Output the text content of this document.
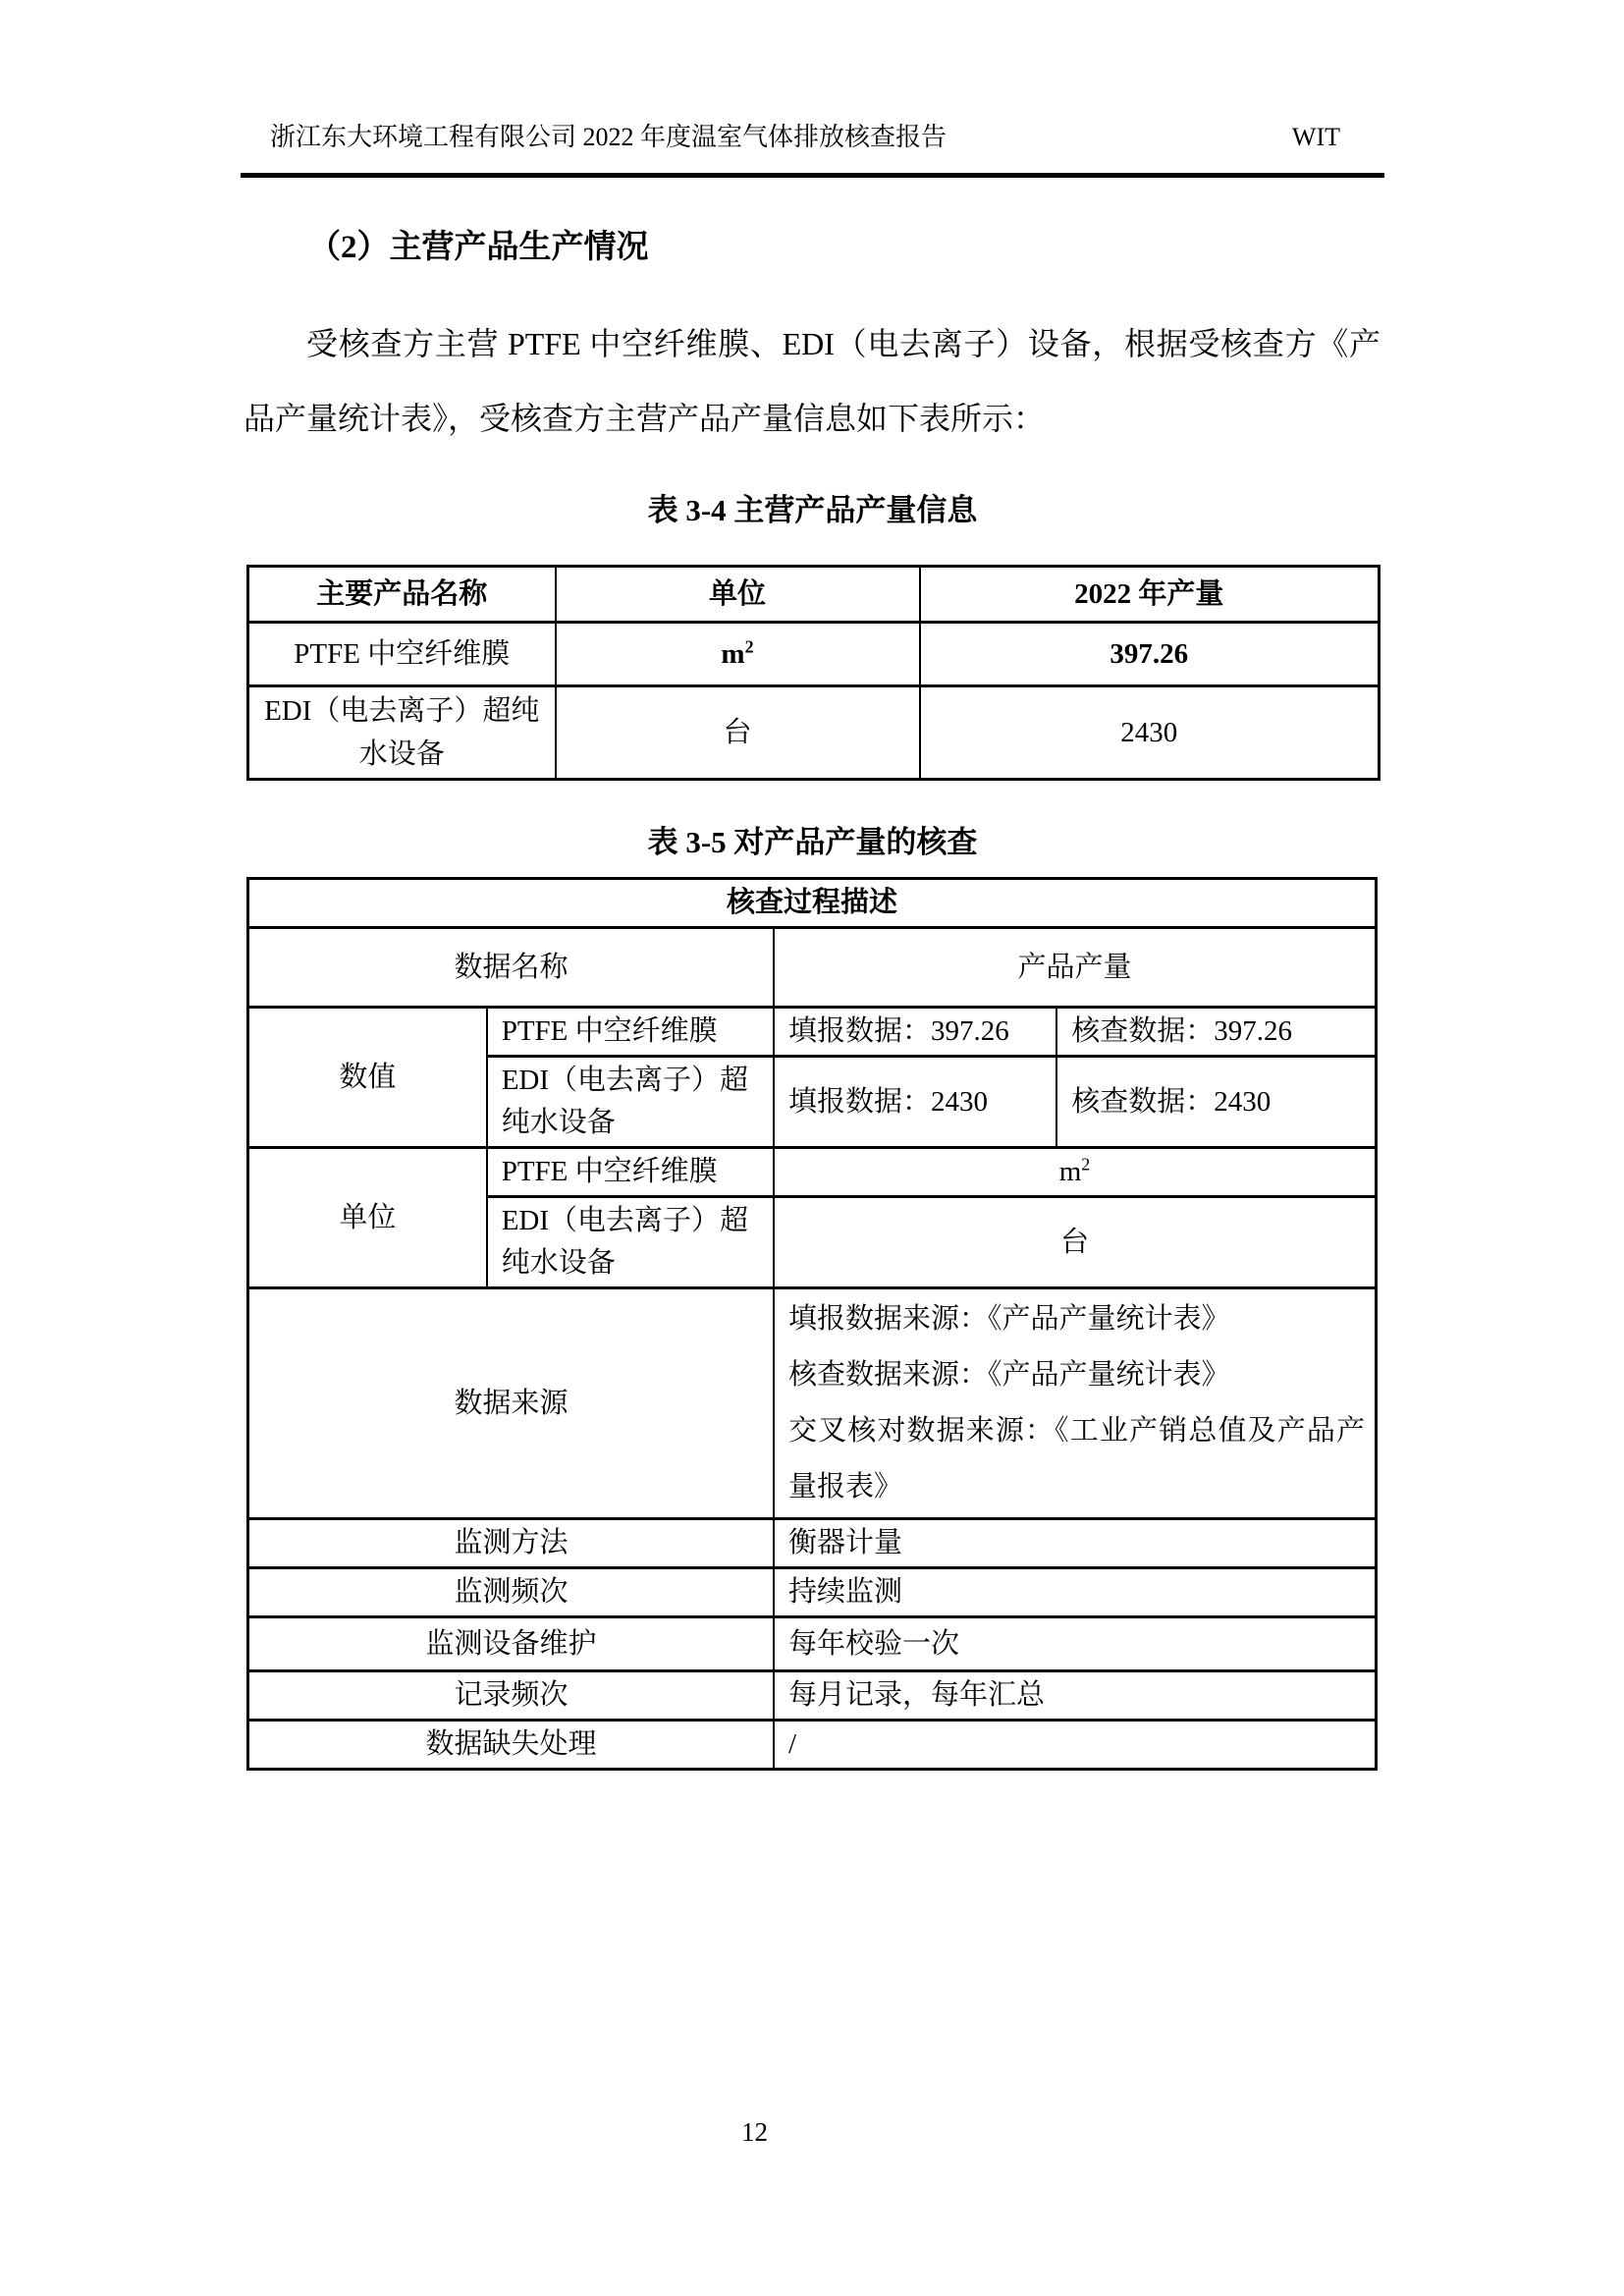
浙江东大环境工程有限公司 2022 年度温室气体排放核查报告	WIT
（2）主营产品生产情况
受核查方主营 PTFE 中空纤维膜、EDI（电去离子）设备，根据受核查方《产品产量统计表》，受核查方主营产品产量信息如下表所示：
表 3-4 主营产品产量信息
主要产品名称	单位	2022 年产量
PTFE 中空纤维膜	$m^2$	397.26
EDI（电去离子）超纯水设备	台	2430
表 3-5 对产品产量的核查
核查过程描述			
数据名称		产品产量	
数值	PTFE 中空纤维膜	填报数据：397.26	核查数据：397.26
	EDI（电去离子）超纯水设备	填报数据：2430	核查数据：2430
单位	PTFE 中空纤维膜	$m^2$
	EDI（电去离子）超纯水设备	台	
数据来源		填报数据来源：《产品产量统计表》
核查数据来源：《产品产量统计表》
交叉核对数据来源：《工业产销总值及产品产量报表》	

监测方法		衡器计量	
监测频次		持续监测	
监测设备维护		每年校验一次	
记录频次		每月记录，每年汇总	
数据缺失处理		/	
12
